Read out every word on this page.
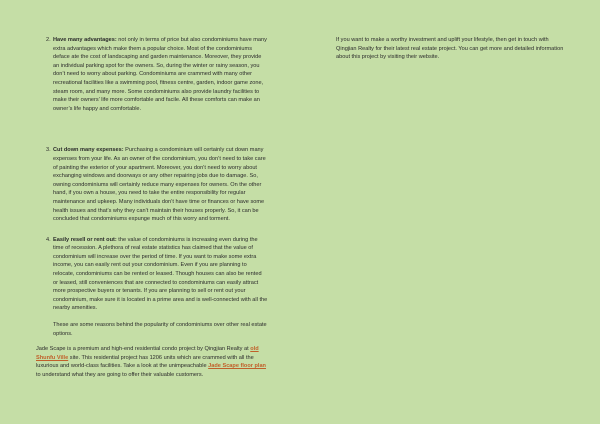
2. Have many advantages: not only in terms of price but also condominiums have many extra advantages which make them a popular choice. Most of the condominiums deface ate the cost of landscaping and garden maintenance. Moreover, they provide an individual parking spot for the owners. So, during the winter or rainy season, you don’t need to worry about parking. Condominiums are crammed with many other recreational facilities like a swimming pool, fitness centre, garden, indoor game zone, steam room, and many more. Some condominiums also provide laundry facilities to make their owners’ life more comfortable and facile. All these comforts can make an owner’s life happy and comfortable.
3. Cut down many expenses: Purchasing a condominium will certainly cut down many expenses from your life. As an owner of the condominium, you don’t need to take care of painting the exterior of your apartment. Moreover, you don’t need to worry about exchanging windows and doorways or any other repairing jobs due to damage. So, owning condominiums will certainly reduce many expenses for owners. On the other hand, if you own a house, you need to take the entire responsibility for regular maintenance and upkeep. Many individuals don’t have time or finances or have some health issues and that’s why they can’t maintain their houses properly. So, it can be concluded that condominiums expunge much of this worry and torment.
4. Easily resell or rent out: the value of condominiums is increasing even during the time of recession. A plethora of real estate statistics has claimed that the value of condominium will increase over the period of time. If you want to make some extra income, you can easily rent out your condominium. Even if you are planning to relocate, condominiums can be rented or leased. Though houses can also be rented or leased, still conveniences that are connected to condominiums can easily attract more prospective buyers or tenants. If you are planning to sell or rent out your condominium, make sure it is located in a prime area and is well-connected with all the nearby amenities.

These are some reasons behind the popularity of condominiums over other real estate options.

Jade Scape is a premium and high-end residential condo project by Qingjian Realty at old Shunfu Ville site. This residential project has 1206 units which are crammed with all the luxurious and world-class facilities. Take a look at the unimpeachable Jade Scape floor plan to understand what they are going to offer their valuable customers.

If you want to make a worthy investment and uplift your lifestyle, then get in touch with Qingjian Realty for their latest real estate project. You can get more and detailed information about this project by visiting their website.
